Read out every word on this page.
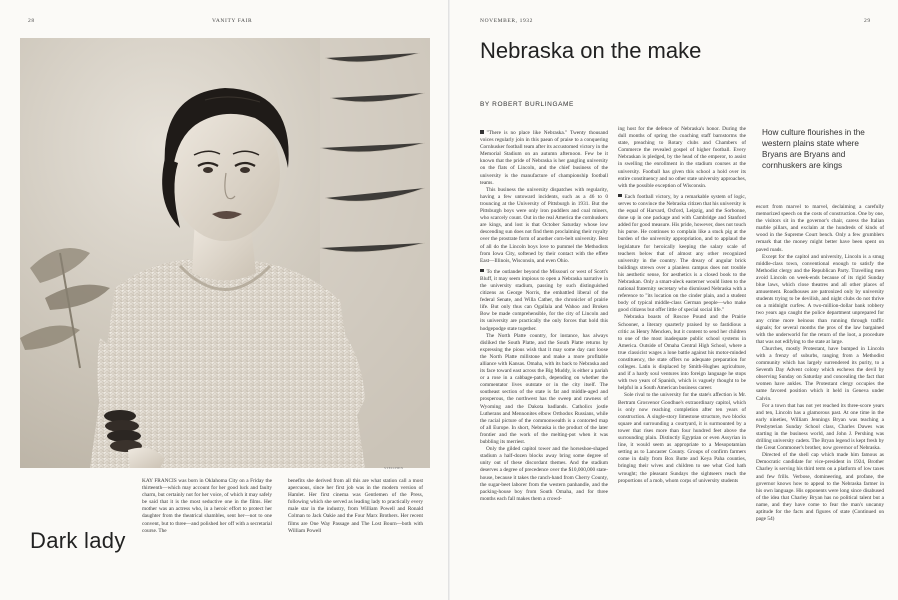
28	VANITY FAIR	NOVEMBER, 1932	29
STEICHEN
Dark lady
KAY FRANCIS was born in Oklahoma City on a Friday the thirteenth—which may account for her good luck and faulty charm, but certainly not for her voice, of which it may safely be said that it is the most seductive one in the films. Her mother was an actress who, in a heroic effort to protect her daughter from the theatrical shambles, sent her—not to one convent, but to three—and polished her off with a secretarial course. The
benefits she derived from all this are what station call a most apercuous, since her first job was in the modern version of Hamlet. Her first cinema was Gentlemen of the Press, following which she served as leading lady to practically every male star in the industry, from William Powell and Ronald Colman to Jack Oakie and the Four Marx Brothers. Her recent films are One Way Passage and The Lost Bourn—both with William Powell
Nebraska on the make
BY ROBERT BURLINGAME
How culture flourishes in the western plains state where Bryans are Bryans and cornhuskers are kings

"There is no place like Nebraska." Twenty thousand voices regularly join in this paean of praise to a conquering Cornhusker football team after its accustomed victory in the Memorial Stadium on an autumn afternoon. Few be it known that the pride of Nebraska is her gangling university on the flats of Lincoln, and the chief business of the university is the manufacture of championship football teams.

This business the university dispatches with regularity, having a few untoward incidents, such as a 46 to 0 trouncing at the University of Pittsburgh in 1931. But the Pittsburgh boys were only iron puddlers and coal miners, who scarcely count. Out in the real America the cornhuskers are kings, and lost is that October Saturday whose low descending sun does not find them proclaiming their royalty over the prostrate form of another corn-belt university. Best of all do the Lincoln boys love to pummel the Methodists from Iowa City, softened by their contact with the effete East—Illinois, Wisconsin, and even Ohio.

To the outlander beyond the Missouri or west of Scott's Bluff, it may seem impious to open a Nebraska narrative in the university stadium, passing by such distinguished citizens as George Norris, the embattled liberal of the federal Senate, and Willa Cather, the chronicler of prairie life. But only thus can Ogallala and Wahoo and Broken Bow be made comprehensible, for the city of Lincoln and its university are practically the only forces that hold this hodgepodge state together.

The North Platte country, for instance, has always disliked the South Platte, and the South Platte returns by expressing the pious wish that it may some day cast loose the North Platte millstone and make a more profitable alliance with Kansas. Omaha, with its back to Nebraska and its face toward east across the Big Muddy, is either a pariah or a rose in a cabbage-patch, depending on whether the commentator lives outstate or in the city itself. The southeast section of the state is fat and middle-aged and prosperous, the northwest has the sweep and rawness of Wyoming and the Dakota badlands. Catholics jostle Lutherans and Mennonites elbow Orthodox Russians, while the racial picture of the commonwealth is a contorted map of all Europe. In short, Nebraska is the product of the later frontier and the work of the melting-pot when it was bubbling its merriest.

Only the gilded capitol tower and the horseshoe-shaped stadium a half-dozen blocks away bring some degree of unity out of these discordant themes. And the stadium deserves a degree of precedence over the $10,000,000 state-house, because it takes the ranch-hand from Cherry County, the sugar-beet laborer from the western panhandle, and the packing-house boy from South Omaha, and for three months each fall makes them a crowd-

ing host for the defence of Nebraska's honor. During the dull months of spring the coaching staff barnstorms the state, preaching to Rotary clubs and Chambers of Commerce the revealed gospel of higher football. Every Nebraskan is pledged, by the head of the emperor, to assist in swelling the enrollment in the stadium courses at the university. Football has given this school a hold over its entire constituency and no other state university approaches, with the possible exception of Wisconsin.

Each football victory, by a remarkable system of logic, serves to convince the Nebraska citizen that his university is the equal of Harvard, Oxford, Leipzig, and the Sorbonne, done up in one package and with Cambridge and Stanford added for good measure. His pride, however, does not touch his purse. He continues to complain like a stuck pig at the burden of the university appropriation, and to applaud the legislature for heroically keeping the salary scale of teachers below that of almost any other recognized university in the country. The dreary of angular brick buildings strewn over a planless campus does not trouble his aesthetic sense, for aesthetics is a closed book to the Nebraskan. Only a smart-aleck easterner would listen to the national fraternity secretary who dismissed Nebraska with a reference to "its location on the cinder plain, and a student body of typical middle-class German people—who make good citizens but offer little of special social life."

Nebraska boasts of Roscoe Pound and the Prairie Schooner, a literary quarterly praised by so fastidious a critic as Henry Mencken, but it content to send her children to one of the most inadequate public school systems in America. Outside of Omaha Central High School, where a true classicist wages a lone battle against his motor-minded constituency, the state offers no adequate preparation for colleges. Latin is displaced by Smith-Hughes agriculture, and if a hardy soul ventures into foreign language he stops with two years of Spanish, which is vaguely thought to be helpful in a South American business career.

Sole rival to the university for the state's affection is Mr. Bertram Grosvenor Goodhue's extraordinary capitol, which is only now reaching completion after ten years of construction. A single-story limestone structure, two blocks square and surrounding a courtyard, it is surmounted by a tower that rises more than four hundred feet above the surrounding plain. Distinctly Egyptian or even Assyrian in line, it would seem as appropriate to a Mesopotamian setting as to Lancaster County. Groups of confirm farmers come in daily from Box Butte and Keya Paha counties, bringing their wives and children to see what God hath wrought; the pleasant Sundays the sightseers reach the proportions of a mob, whom corps of university students

escort from marvel to marvel, declaiming a carefully memorized speech on the costs of construction. One by one, the visitors sit in the governor's chair, caress the Italian marble pillars, and exclaim at the hundreds of kinds of wood in the Supreme Court bench. Only a few grumblers remark that the money might better have been spent on paved roads.

Except for the capitol and university, Lincoln is a smug middle-class town, conventional enough to satisfy the Methodist clergy and the Republican Party. Travelling men avoid Lincoln on week-ends because of its rigid Sunday blue laws, which close theatres and all other places of amusement. Roadhouses are patronized only by university students trying to be devilish, and night clubs do not thrive on a midnight curfew. A two-million-dollar bank robbery two years ago caught the police department unprepared for any crime more heinous than running through traffic signals; for several months the pros of the law bargained with the underworld for the return of the loot, a procedure that was not edifying to the state at large.

Churches, mostly Protestant, have bumped in Lincoln with a frenzy of suburbs, ranging from a Methodist community which has largely surrendered its purity, to a Seventh Day Advent colony which eschews the devil by observing Sunday on Saturday and concealing the fact that women have ankles. The Protestant clergy occupies the same favored position which it held in Geneva under Calvin.

For a town that has not yet reached its three-score years and ten, Lincoln has a glamorous past. At one time in the early nineties, William Jennings Bryan was teaching a Presbyterian Sunday School class, Charles Dawes was starting in the business world, and John J. Pershing was drilling university cadets. The Bryan legend is kept fresh by the Great Commoner's brother, now governor of Nebraska.

Directed of the shell cap which made him famous as Democratic candidate for vice-president in 1924, Brother Charley is serving his third term on a platform of low taxes and few frills. Verbose, domineering, and profane, the governor knows how to appeal to the Nebraska farmer in his own language. His opponents were long since disabused of the idea that Charley Bryan has no political talent but a name, and they have come to fear the man's uncanny aptitude for the facts and figures of state (Continued on page 54)
